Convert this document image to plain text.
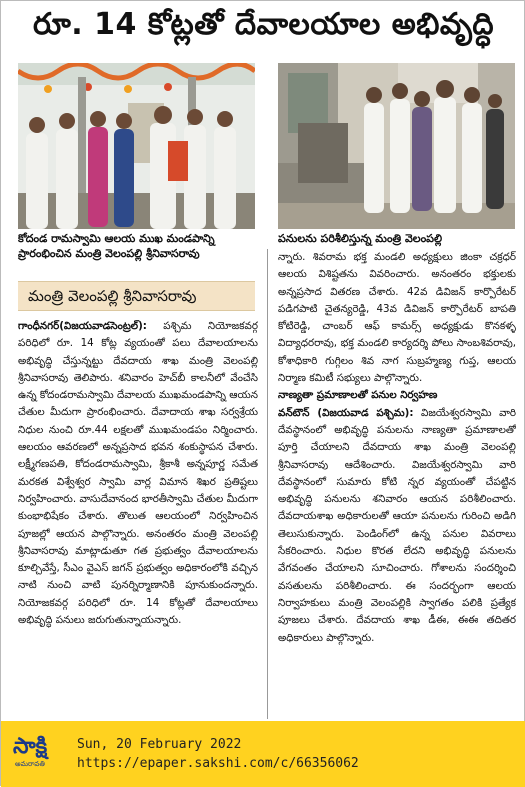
రూ. 14 కోట్లతో దేవాలయాల అభివృద్ధి
కోదండ రామస్వామి ఆలయ ముఖ మండపాన్ని ప్రారంభించిన మంత్రి వెలంపల్లి శ్రీనివాసరావు
పనులను పరిశీలిస్తున్న మంత్రి వెలంపల్లి
మంత్రి వెలంపల్లి శ్రీనివాసరావు

గాంధీనగర్(విజయవాడసెంట్రల్): పశ్చిమ నియోజకవర్గ పరిధిలో రూ. 14 కోట్ల వ్యయంతో పలు దేవాలయాలను అభివృద్ధి చేస్తున్నట్టు దేవదాయ శాఖ మంత్రి వెలంపల్లి శ్రీనివాసరావు తెలిపారు. శనివారం హెచ్‌బీ కాలనీలో వేంచేసి ఉన్న కోదండరామస్వామి దేవాలయ ముఖమండపాన్ని ఆయన చేతుల మీదుగా ప్రారంభించారు. దేవాదాయ శాఖ సర్వశ్రేయ నిధుల నుంచి రూ.44 లక్షలతో ముఖమండపం నిర్మించారు. ఆలయం ఆవరణలో అన్నప్రసాద భవన శంకుస్థాపన చేశారు. లక్ష్మీగణపతి, కోదండరామస్వామి, శ్రీకాశీ అన్నపూర్ణ సమేత మరకత విశ్వేశ్వర స్వామి వార్ల విమాన శిఖర ప్రతిష్టలు నిర్వహించారు. వాసుదేవానంద భారతీస్వామి చేతుల మీదుగా కుంభాభిషేకం చేశారు. తొలుత ఆలయంలో నిర్వహించిన పూజల్లో ఆయన పాల్గొన్నారు. అనంతరం మంత్రి వెలంపల్లి శ్రీనివాసరావు మాట్లాడుతూ గత ప్రభుత్వం దేవాలయాలను కూల్చివేస్తే, సీఎం వైఎస్ జగన్ ప్రభుత్వం అధికారంలోకి వచ్చిన నాటి నుంచి వాటి పునర్నిర్మాణానికి పూనుకుందన్నారు. నియోజకవర్గ పరిధిలో రూ. 14 కోట్లతో దేవాలయాలు అభివృద్ధి పనులు జరుగుతున్నాయన్నారు.

న్నారు. శివరామ భక్త మండలి అధ్యక్షులు జింకా చక్రధర్ ఆలయ విశిష్టతను వివరించారు. అనంతరం భక్తులకు అన్నప్రసాద వితరణ చేశారు. 42వ డివిజన్ కార్పొరేటర్ పడిగపాటి చైతన్యరెడ్డి, 43వ డివిజన్ కార్పొరేటర్ బాపతి కోటిరెడ్డి, చాంబర్ ఆఫ్ కామర్స్ అధ్యక్షుడు కొనకళ్ళ విద్యాధరరావు, భక్త మండలి కార్యదర్శి పోలు సాంబశివరావు, కోశాధికారి గుగ్గిలం శివ నాగ సుబ్రహ్మణ్య గుప్త, ఆలయ నిర్మాణ కమిటీ సభ్యులు పాల్గొన్నారు.

నాణ్యతా ప్రమాణాలతో పనుల నిర్వహణ

వన్‌టౌన్ (విజయవాడ పశ్చిమ): విజయేశ్వరస్వామి వారి దేవస్థానంలో అభివృద్ధి పనులను నాణ్యతా ప్రమాణాలతో పూర్తి చేయాలని దేవదాయ శాఖ మంత్రి వెలంపల్లి శ్రీనివాసరావు ఆదేశించారు. విజయేశ్వరస్వామి వారి దేవస్థానంలో సుమారు కోటి న్నర వ్యయంతో చేపట్టిన అభివృద్ధి పనులను శనివారం ఆయన పరిశీలించారు. దేవదాయశాఖ అధికారులతో ఆయా పనులను గురించి అడిగి తెలుసుకున్నారు. పెండింగ్‌లో ఉన్న పనుల వివరాలు సేకరించారు. నిధుల కొరత లేదని అభివృద్ధి పనులను వేగవంతం చేయాలని సూచించారు. గోశాలను సందర్శించి వసతులను పరిశీలించారు. ఈ సందర్భంగా ఆలయ నిర్వాహకులు మంత్రి వెలంపల్లికి స్వాగతం పలికి ప్రత్యేక పూజలు చేశారు. దేవదాయ శాఖ డీఈ, ఈఈ తదితర అధికారులు పాల్గొన్నారు.

సాక్షి
అమరావతి
Sun, 20 February 2022
https://epaper.sakshi.com/c/66356062
